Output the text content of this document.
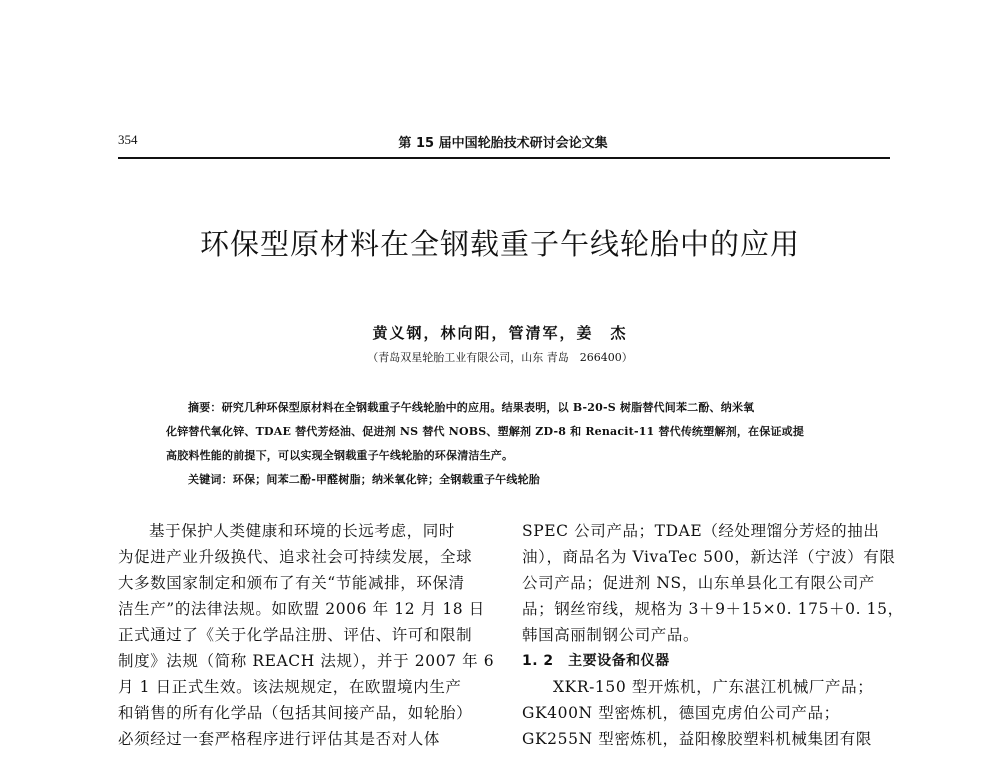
354	第 15 届中国轮胎技术研讨会论文集
环保型原材料在全钢载重子午线轮胎中的应用
黄义钢，林向阳，管清军，姜　杰
（青岛双星轮胎工业有限公司，山东 青岛　266400）
摘要：研究几种环保型原材料在全钢载重子午线轮胎中的应用。结果表明，以 B-20-S 树脂替代间苯二酚、纳米氧
化锌替代氧化锌、TDAE 替代芳烃油、促进剂 NS 替代 NOBS、塑解剂 ZD-8 和 Renacit-11 替代传统塑解剂，在保证或提
高胶料性能的前提下，可以实现全钢载重子午线轮胎的环保清洁生产。
关键词：环保；间苯二酚-甲醛树脂；纳米氧化锌；全钢载重子午线轮胎
基于保护人类健康和环境的长远考虑，同时
为促进产业升级换代、追求社会可持续发展，全球
大多数国家制定和颁布了有关“节能减排，环保清
洁生产”的法律法规。如欧盟 2006 年 12 月 18 日
正式通过了《关于化学品注册、评估、许可和限制
制度》法规（简称 REACH 法规），并于 2007 年 6
月 1 日正式生效。该法规规定，在欧盟境内生产
和销售的所有化学品（包括其间接产品，如轮胎）
必须经过一套严格程序进行评估其是否对人体
SPEC 公司产品；TDAE（经处理馏分芳烃的抽出
油），商品名为 VivaTec 500，新达洋（宁波）有限
公司产品；促进剂 NS，山东单县化工有限公司产
品；钢丝帘线，规格为 3＋9＋15×0. 175＋0. 15，
韩国高丽制钢公司产品。
1. 2　主要设备和仪器
XKR-150 型开炼机，广东湛江机械厂产品；
GK400N 型密炼机，德国克虏伯公司产品；
GK255N 型密炼机，益阳橡胶塑料机械集团有限
